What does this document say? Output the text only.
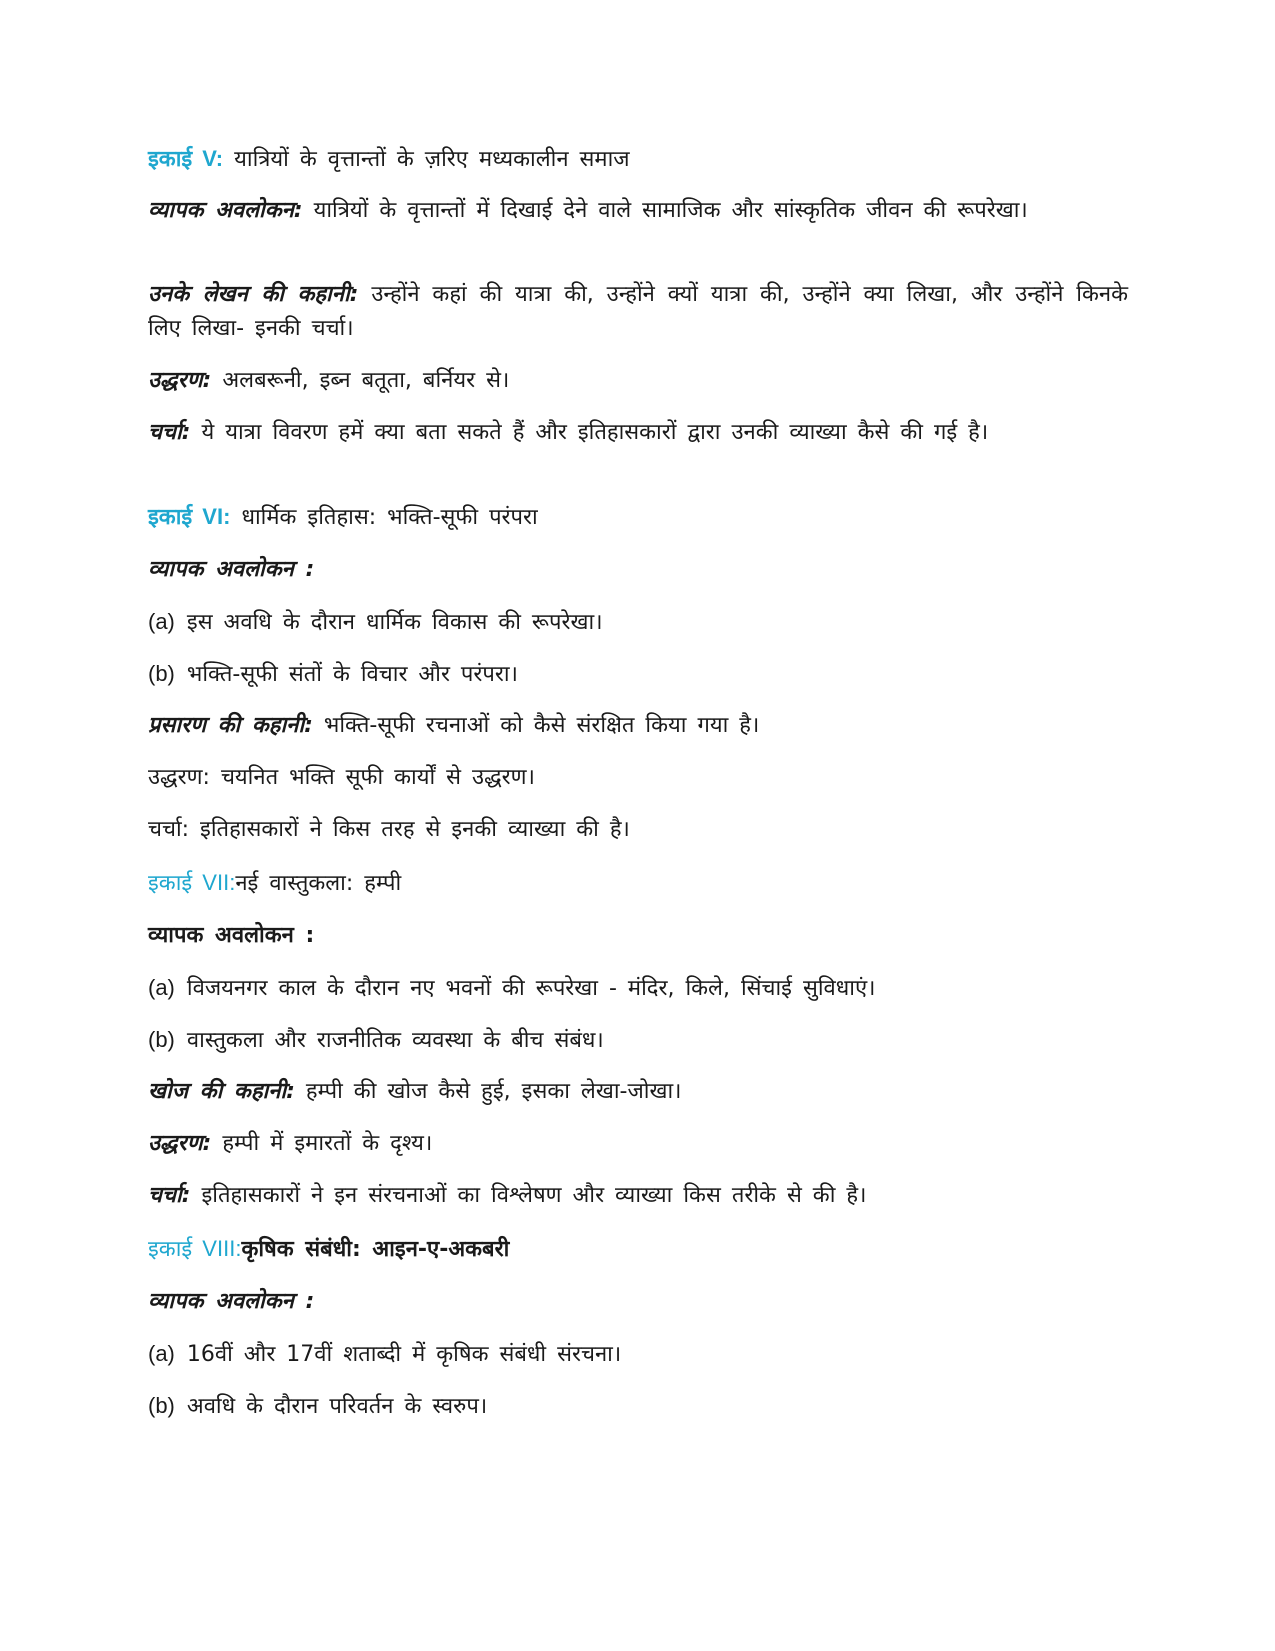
इकाई V: यात्रियों के वृत्तान्तों के ज़रिए मध्यकालीन समाज
व्यापक अवलोकन: यात्रियों के वृत्तान्तों में दिखाई देने वाले सामाजिक और सांस्कृतिक जीवन की रूपरेखा।
उनके लेखन की कहानी: उन्होंने कहां की यात्रा की, उन्होंने क्यों यात्रा की, उन्होंने क्या लिखा, और उन्होंने किनके लिए लिखा- इनकी चर्चा।
उद्धरण: अलबरूनी, इब्न बतूता, बर्नियर से।
चर्चा: ये यात्रा विवरण हमें क्या बता सकते हैं और इतिहासकारों द्वारा उनकी व्याख्या कैसे की गई है।
इकाई VI: धार्मिक इतिहास: भक्ति-सूफी परंपरा
व्यापक अवलोकन :
(a) इस अवधि के दौरान धार्मिक विकास की रूपरेखा।
(b) भक्ति-सूफी संतों के विचार और परंपरा।
प्रसारण की कहानी: भक्ति-सूफी रचनाओं को कैसे संरक्षित किया गया है।
उद्धरण: चयनित भक्ति सूफी कार्यों से उद्धरण।
चर्चा: इतिहासकारों ने किस तरह से इनकी व्याख्या की है।
इकाई VII:नई वास्तुकला: हम्पी
व्यापक अवलोकन :
(a) विजयनगर काल के दौरान नए भवनों की रूपरेखा - मंदिर, किले, सिंचाई सुविधाएं।
(b) वास्तुकला और राजनीतिक व्यवस्था के बीच संबंध।
खोज की कहानी: हम्पी की खोज कैसे हुई, इसका लेखा-जोखा।
उद्धरण: हम्पी में इमारतों के दृश्य।
चर्चा: इतिहासकारों ने इन संरचनाओं का विश्लेषण और व्याख्या किस तरीके से की है।
इकाई VIII:कृषिक संबंधी: आइन-ए-अकबरी
व्यापक अवलोकन :
(a) 16वीं और 17वीं शताब्दी में कृषिक संबंधी संरचना।
(b) अवधि के दौरान परिवर्तन के स्वरुप।
